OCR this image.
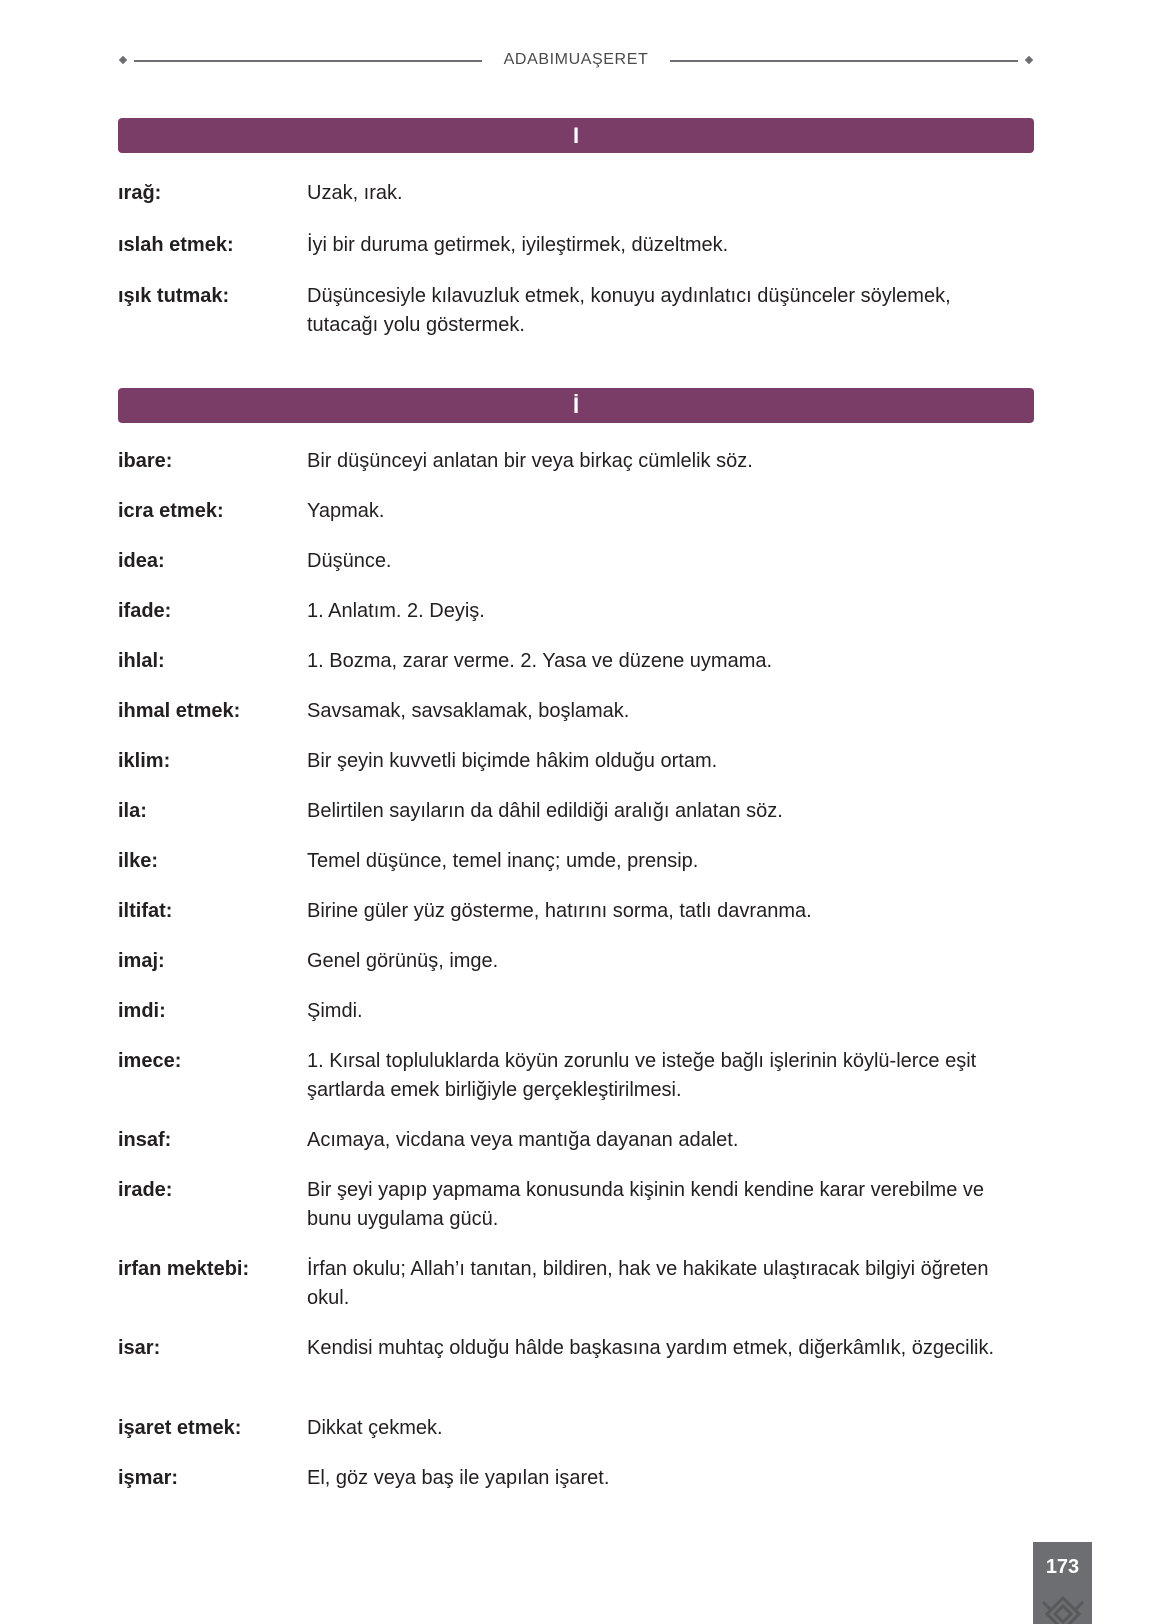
ADABIMUAŞERET
I
ırağ:	Uzak, ırak.
ıslah etmek:	İyi bir duruma getirmek, iyileştirmek, düzeltmek.
ışık tutmak:	Düşüncesiyle kılavuzluk etmek, konuyu aydınlatıcı düşünceler söylemek, tutacağı yolu göstermek.
İ
ibare:	Bir düşünceyi anlatan bir veya birkaç cümlelik söz.
icra etmek:	Yapmak.
idea:	Düşünce.
ifade:	1. Anlatım. 2. Deyiş.
ihlal:	1. Bozma, zarar verme. 2. Yasa ve düzene uymama.
ihmal etmek:	Savsamak, savsaklamak, boşlamak.
iklim:	Bir şeyin kuvvetli biçimde hâkim olduğu ortam.
ila:	Belirtilen sayıların da dâhil edildiği aralığı anlatan söz.
ilke:	Temel düşünce, temel inanç; umde, prensip.
iltifat:	Birine güler yüz gösterme, hatırını sorma, tatlı davranma.
imaj:	Genel görünüş, imge.
imdi:	Şimdi.
imece:	1. Kırsal topluluklarda köyün zorunlu ve isteğe bağlı işlerinin köylü-lerce eşit şartlarda emek birliğiyle gerçekleştirilmesi.
insaf:	Acımaya, vicdana veya mantığa dayanan adalet.
irade:	Bir şeyi yapıp yapmama konusunda kişinin kendi kendine karar verebilme ve bunu uygulama gücü.
irfan mektebi:	İrfan okulu; Allah’ı tanıtan, bildiren, hak ve hakikate ulaştıracak bilgiyi öğreten okul.
isar:	Kendisi muhtaç olduğu hâlde başkasına yardım etmek, diğerkâmlık, özgecilik.
işaret etmek:	Dikkat çekmek.
işmar:	El, göz veya baş ile yapılan işaret.
173
